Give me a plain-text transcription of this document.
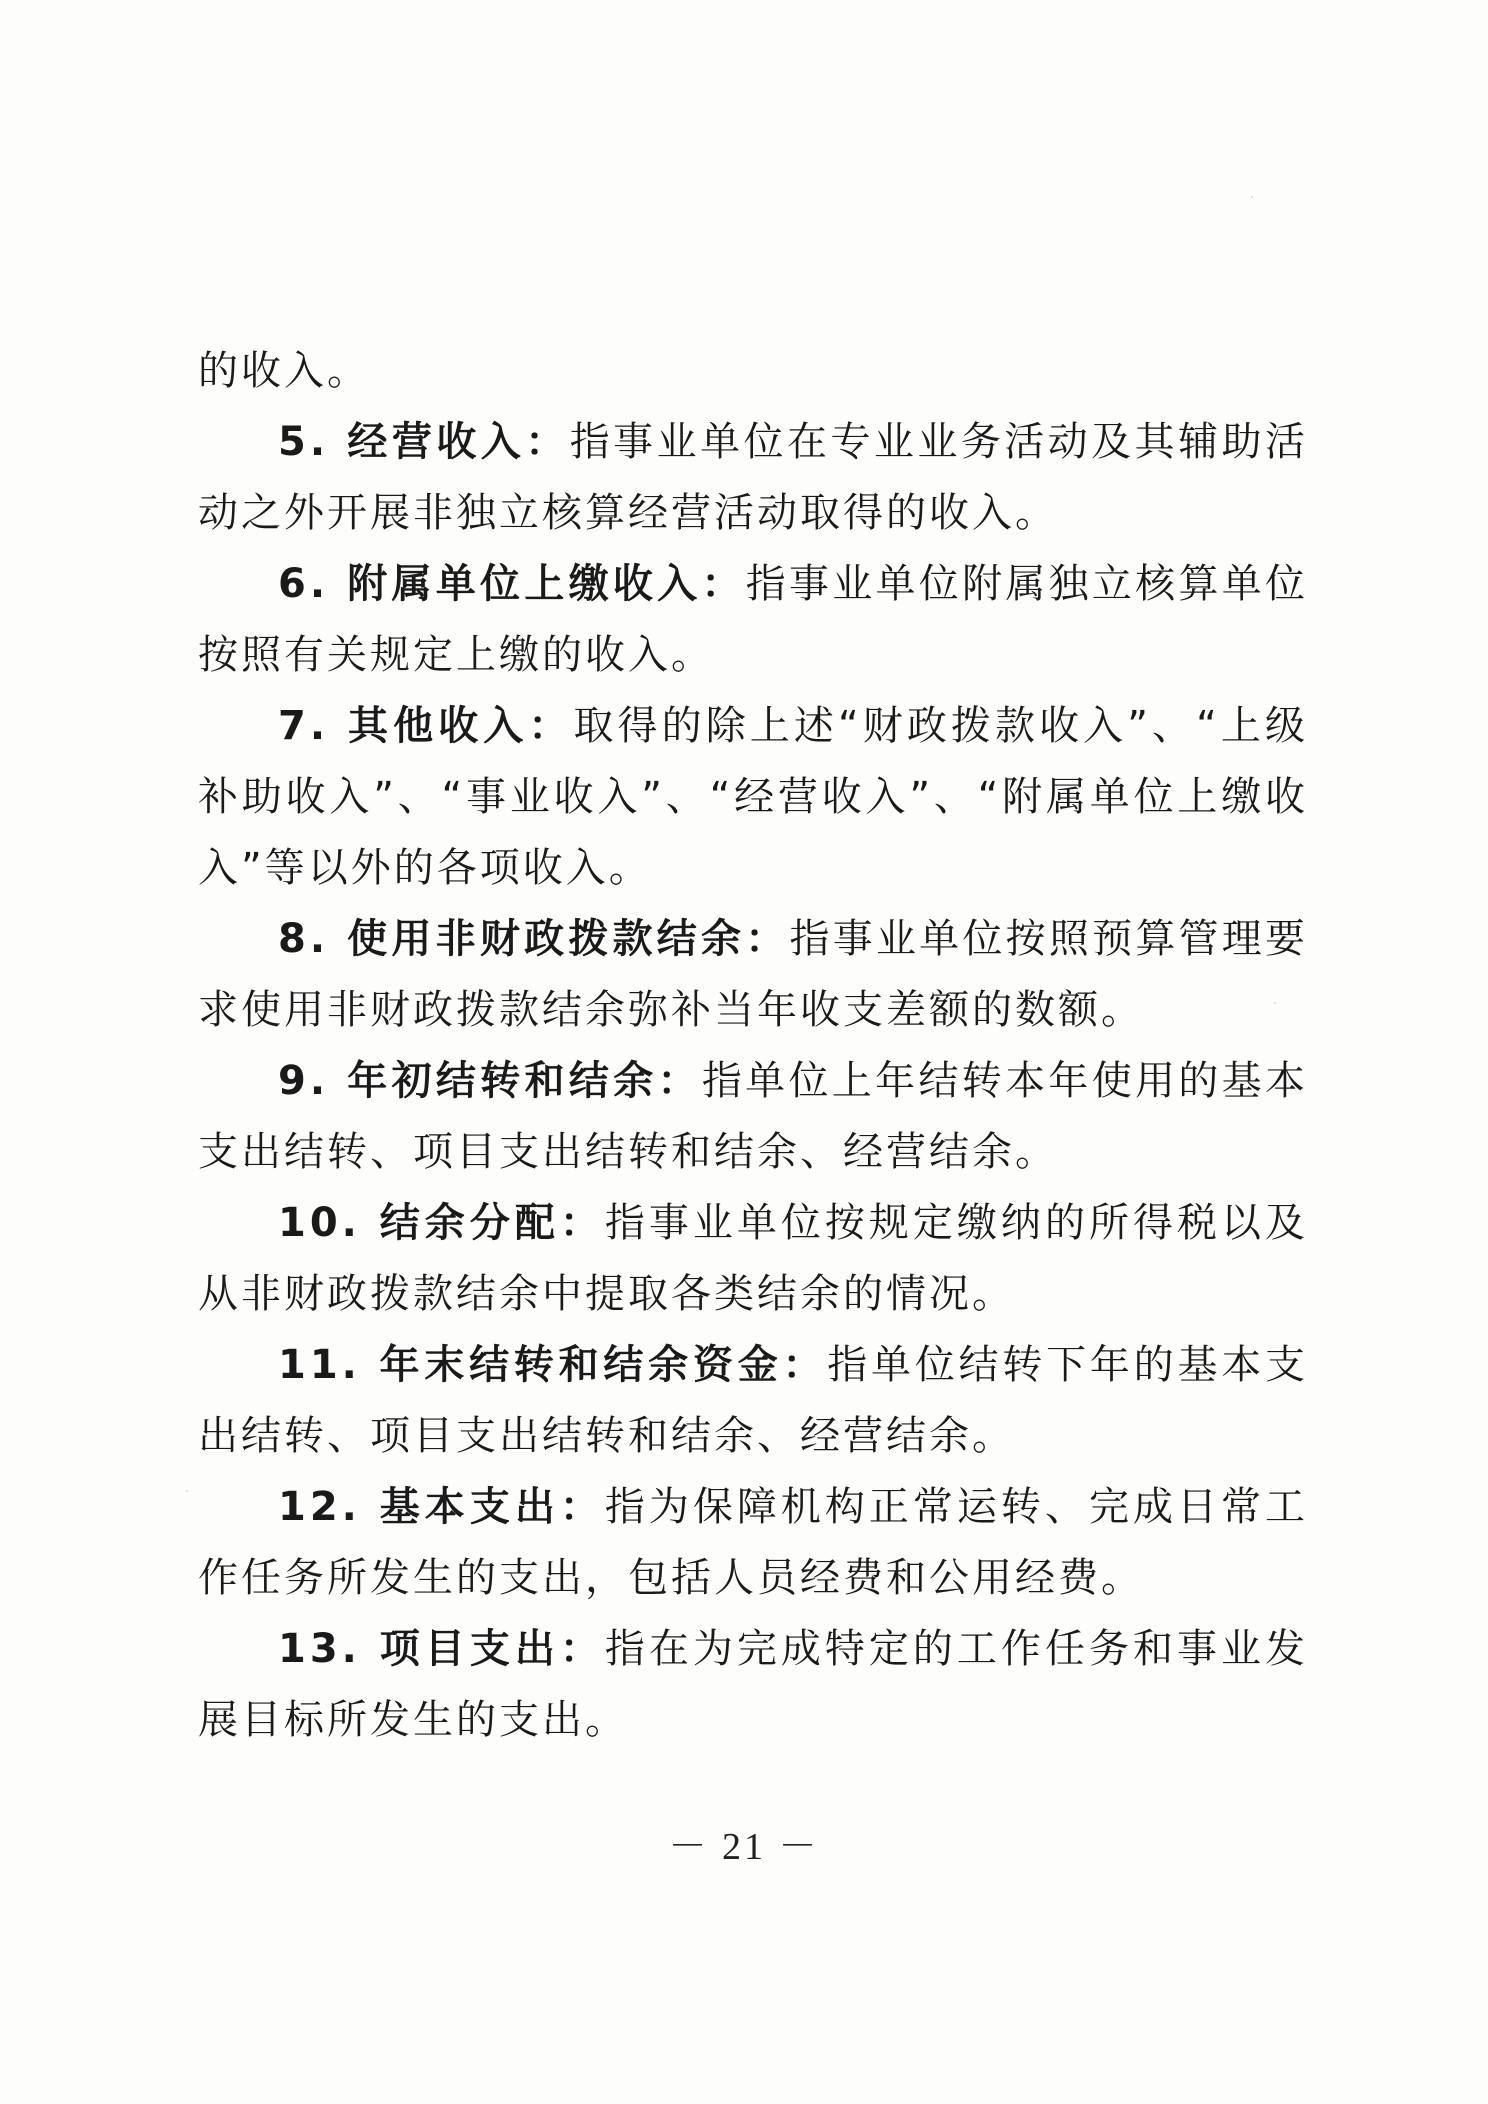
的收入。

5. 经营收入：指事业单位在专业业务活动及其辅助活动之外开展非独立核算经营活动取得的收入。

6. 附属单位上缴收入：指事业单位附属独立核算单位按照有关规定上缴的收入。

7. 其他收入：取得的除上述“财政拨款收入”、“上级补助收入”、“事业收入”、“经营收入”、“附属单位上缴收入”等以外的各项收入。

8. 使用非财政拨款结余：指事业单位按照预算管理要求使用非财政拨款结余弥补当年收支差额的数额。

9. 年初结转和结余：指单位上年结转本年使用的基本支出结转、项目支出结转和结余、经营结余。

10. 结余分配：指事业单位按规定缴纳的所得税以及从非财政拨款结余中提取各类结余的情况。

11. 年末结转和结余资金：指单位结转下年的基本支出结转、项目支出结转和结余、经营结余。

12. 基本支出：指为保障机构正常运转、完成日常工作任务所发生的支出，包括人员经费和公用经费。

13. 项目支出：指在为完成特定的工作任务和事业发展目标所发生的支出。

－ 21 －
